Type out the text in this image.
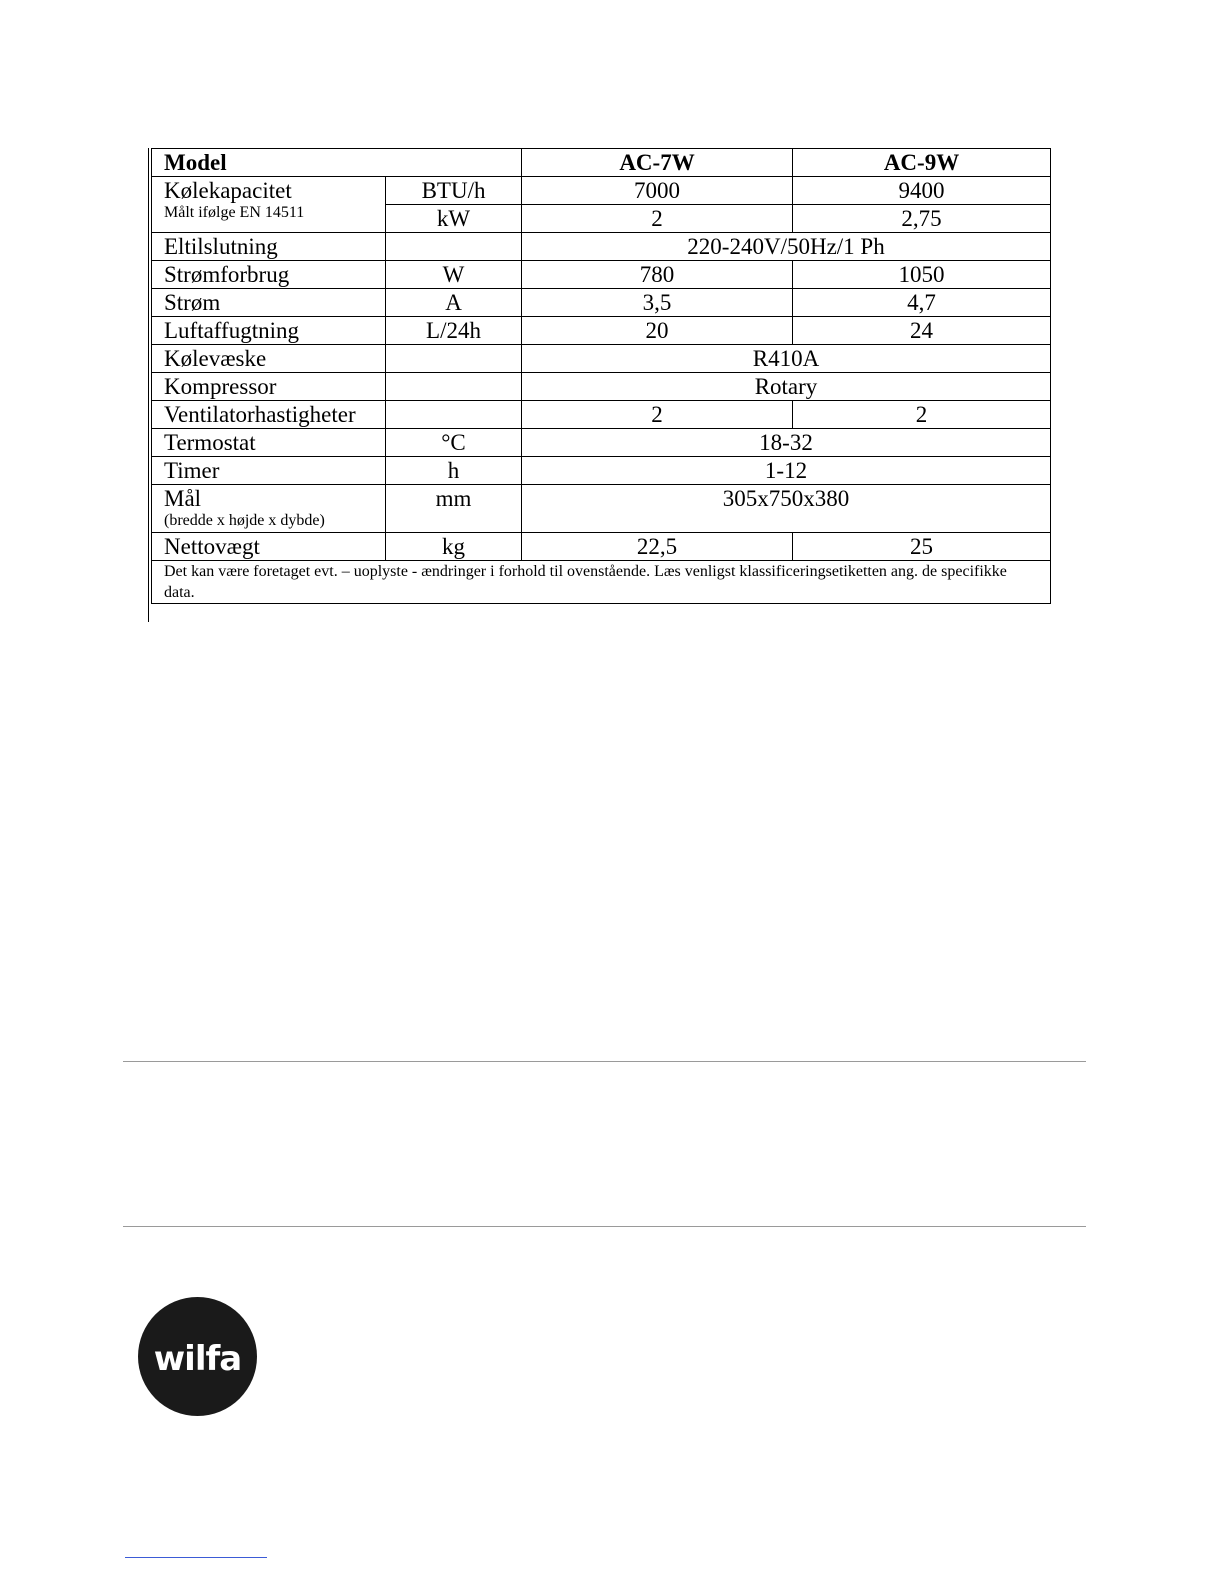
Model		AC-7W	AC-9W
Kølekapacitet
Målt ifølge EN 14511	BTU/h	7000	9400
	kW	2	2,75
Eltilslutning		220-240V/50Hz/1 Ph	
Strømforbrug	W	780	1050
Strøm	A	3,5	4,7
Luftaffugtning	L/24h	20	24
Kølevæske		R410A	
Kompressor		Rotary	
Ventilatorhastigheter		2	2
Termostat	°C	18-32	
Timer	h	1-12	
Mål
(bredde x højde x dybde)	mm	305x750x380	
Nettovægt	kg	22,5	25
Det kan være foretaget evt. – uoplyste - ændringer i forhold til ovenstående. Læs venligst klassificeringsetiketten ang. de specifikke data.			
wilfa
